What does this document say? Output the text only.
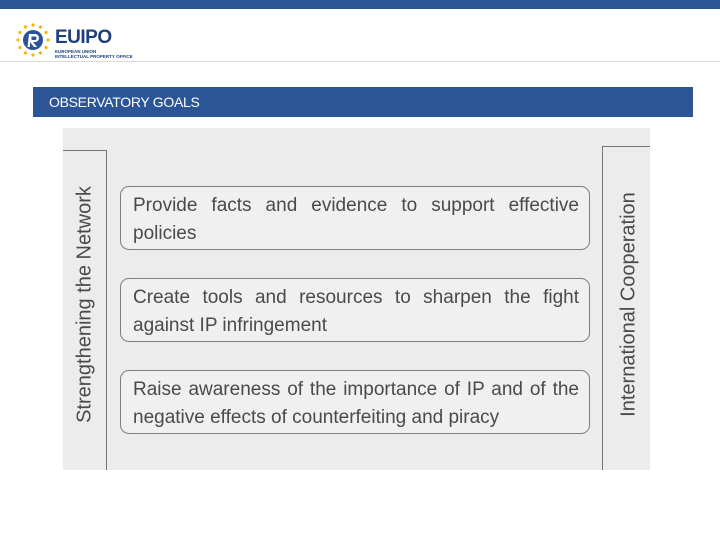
EUIPO
EUROPEAN UNION
INTELLECTUAL PROPERTY OFFICE
OBSERVATORY GOALS
Strengthening the Network	International Cooperation
Provide facts and evidence to support effective policies
Create tools and resources to sharpen the fight against IP infringement
Raise awareness of the importance of IP and of the negative effects of counterfeiting and piracy
